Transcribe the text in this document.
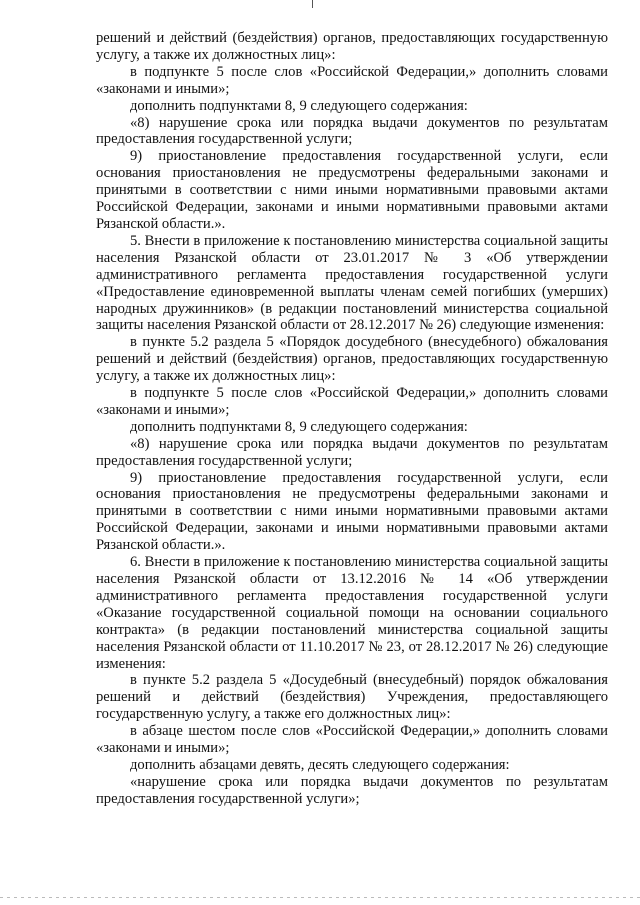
решений и действий (бездействия) органов, предоставляющих государственную услугу, а также их должностных лиц»:

в подпункте 5 после слов «Российской Федерации,» дополнить словами «законами и иными»;

дополнить подпунктами 8, 9 следующего содержания:

«8) нарушение срока или порядка выдачи документов по результатам предоставления государственной услуги;

9) приостановление предоставления государственной услуги, если основания приостановления не предусмотрены федеральными законами и принятыми в соответствии с ними иными нормативными правовыми актами Российской Федерации, законами и иными нормативными правовыми актами Рязанской области.».

5. Внести в приложение к постановлению министерства социальной защиты населения Рязанской области от 23.01.2017 № 3 «Об утверждении административного регламента предоставления государственной услуги «Предоставление единовременной выплаты членам семей погибших (умерших) народных дружинников» (в редакции постановлений министерства социальной защиты населения Рязанской области от 28.12.2017 № 26) следующие изменения:

в пункте 5.2 раздела 5 «Порядок досудебного (внесудебного) обжалования решений и действий (бездействия) органов, предоставляющих государственную услугу, а также их должностных лиц»:

в подпункте 5 после слов «Российской Федерации,» дополнить словами «законами и иными»;

дополнить подпунктами 8, 9 следующего содержания:

«8) нарушение срока или порядка выдачи документов по результатам предоставления государственной услуги;

9) приостановление предоставления государственной услуги, если основания приостановления не предусмотрены федеральными законами и принятыми в соответствии с ними иными нормативными правовыми актами Российской Федерации, законами и иными нормативными правовыми актами Рязанской области.».

6. Внести в приложение к постановлению министерства социальной защиты населения Рязанской области от 13.12.2016 № 14 «Об утверждении административного регламента предоставления государственной услуги «Оказание государственной социальной помощи на основании социального контракта» (в редакции постановлений министерства социальной защиты населения Рязанской области от 11.10.2017 № 23, от 28.12.2017 № 26) следующие изменения:

в пункте 5.2 раздела 5 «Досудебный (внесудебный) порядок обжалования решений и действий (бездействия) Учреждения, предоставляющего государственную услугу, а также его должностных лиц»:

в абзаце шестом после слов «Российской Федерации,» дополнить словами «законами и иными»;

дополнить абзацами девять, десять следующего содержания:

«нарушение срока или порядка выдачи документов по результатам предоставления государственной услуги»;
